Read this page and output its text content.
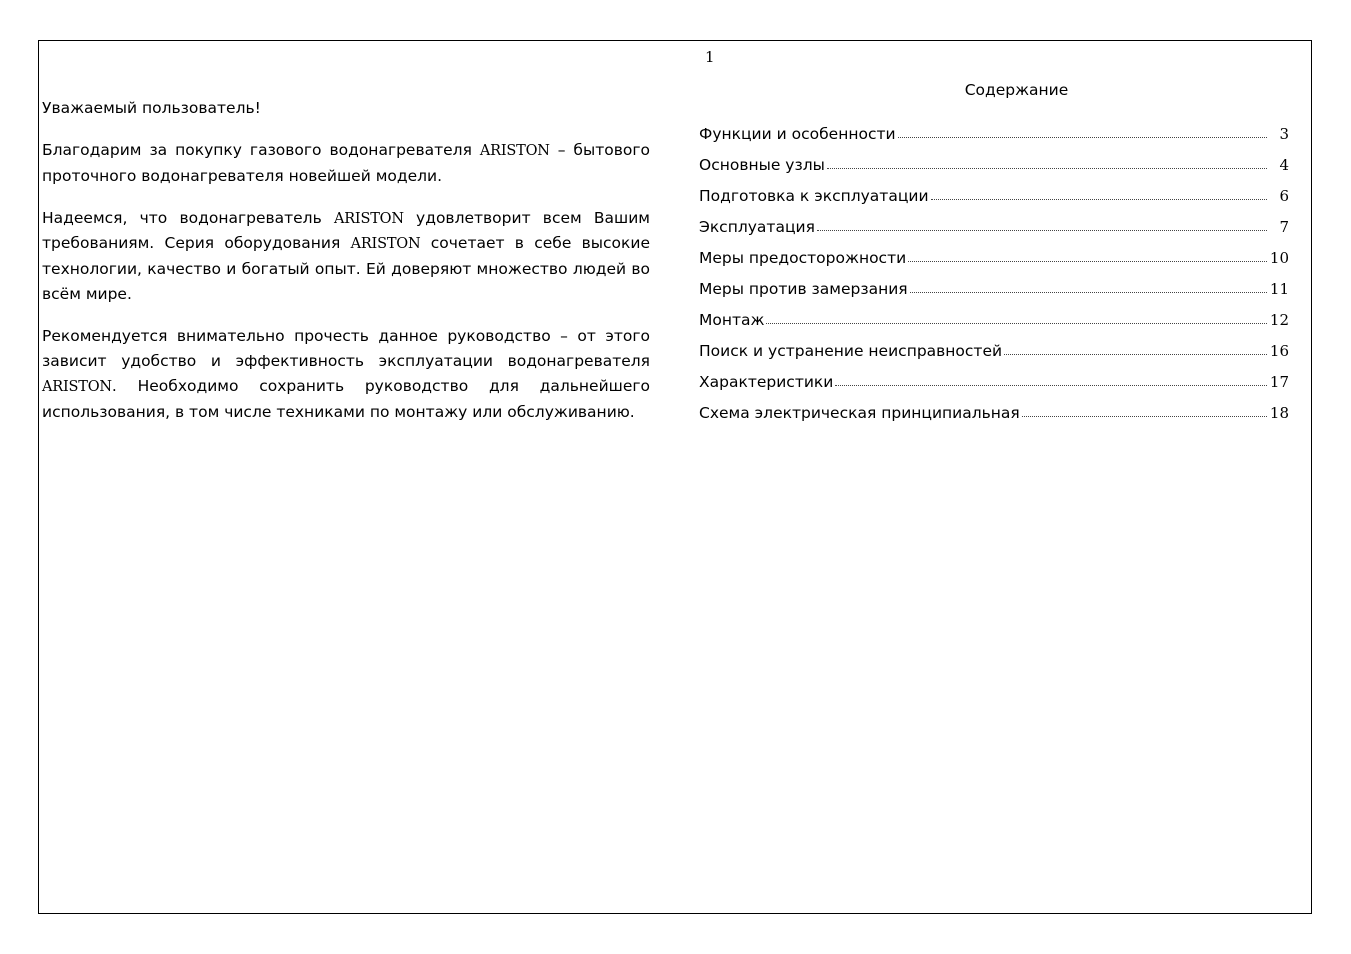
1

Уважаемый пользователь!

Благодарим за покупку газового водонагревателя ARISTON – бытового проточного водонагревателя новейшей модели.

Надеемся, что водонагреватель ARISTON удовлетворит всем Вашим требованиям. Серия оборудования ARISTON сочетает в себе высокие технологии, качество и богатый опыт. Ей доверяют множество людей во всём мире.

Рекомендуется внимательно прочесть данное руководство – от этого зависит удобство и эффективность эксплуатации водонагревателя ARISTON. Необходимо сохранить руководство для дальнейшего использования, в том числе техниками по монтажу или обслуживанию.

Содержание
Функции и особенности	3
Основные узлы	4
Подготовка к эксплуатации	6
Эксплуатация	7
Меры предосторожности	10
Меры против замерзания	11
Монтаж	12
Поиск и устранение неисправностей	16
Характеристики	17
Схема электрическая принципиальная	18
